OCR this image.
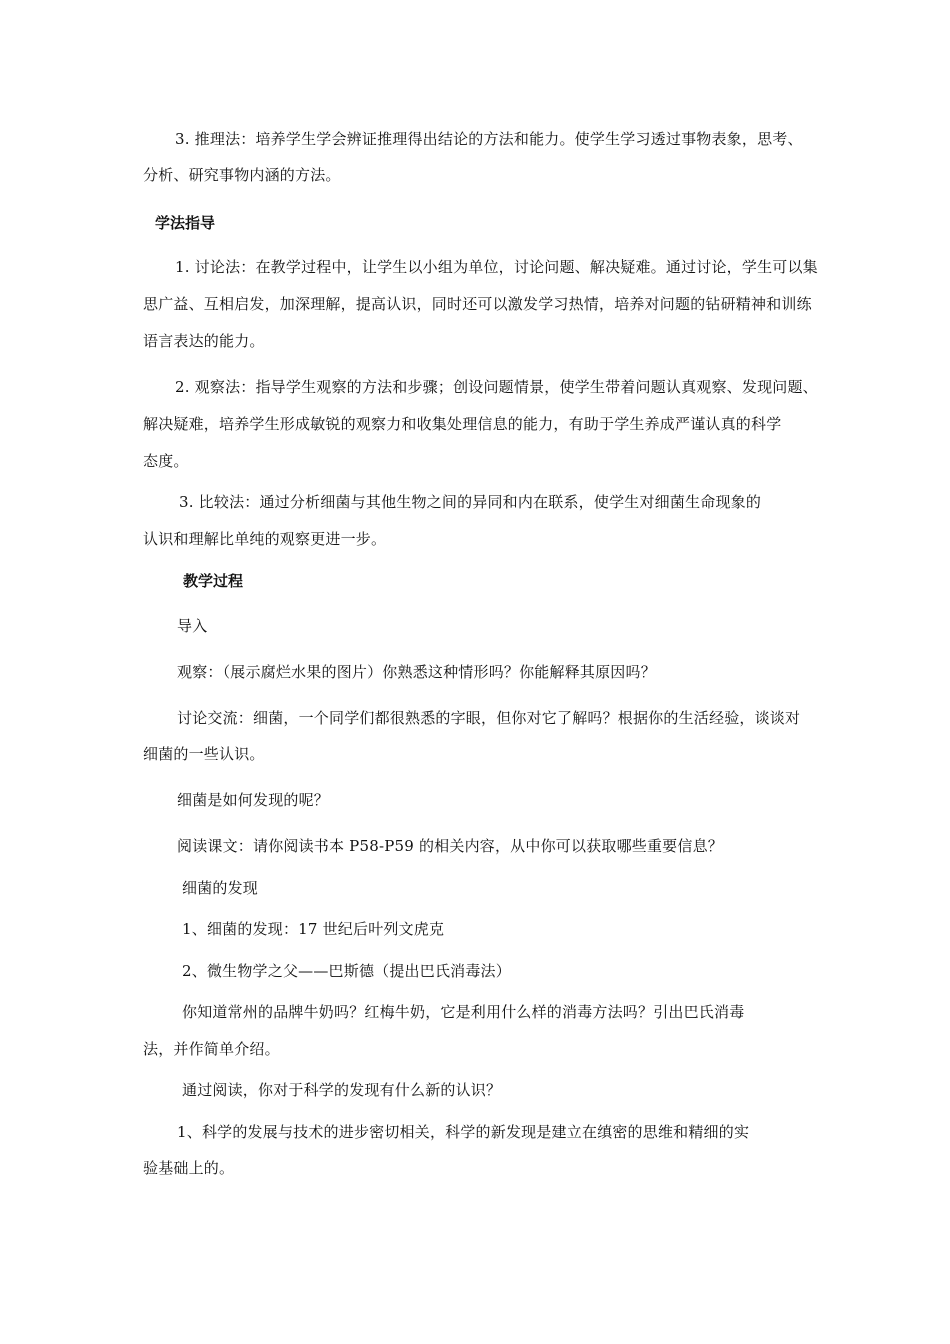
3. 推理法：培养学生学会辨证推理得出结论的方法和能力。使学生学习透过事物表象，思考、
分析、研究事物内涵的方法。
学法指导
1. 讨论法：在教学过程中，让学生以小组为单位，讨论问题、解决疑难。通过讨论，学生可以集
思广益、互相启发，加深理解，提高认识，同时还可以激发学习热情，培养对问题的钻研精神和训练
语言表达的能力。
2. 观察法：指导学生观察的方法和步骤；创设问题情景，使学生带着问题认真观察、发现问题、
解决疑难，培养学生形成敏锐的观察力和收集处理信息的能力，有助于学生养成严谨认真的科学
态度。
3. 比较法：通过分析细菌与其他生物之间的异同和内在联系，使学生对细菌生命现象的
认识和理解比单纯的观察更进一步。
教学过程
导入
观察：（展示腐烂水果的图片）你熟悉这种情形吗？你能解释其原因吗？
讨论交流：细菌，一个同学们都很熟悉的字眼，但你对它了解吗？根据你的生活经验，谈谈对
细菌的一些认识。
细菌是如何发现的呢？
阅读课文：请你阅读书本 P58-P59 的相关内容，从中你可以获取哪些重要信息？
细菌的发现
1、细菌的发现：17 世纪后叶列文虎克
2、微生物学之父——巴斯德（提出巴氏消毒法）
你知道常州的品牌牛奶吗？红梅牛奶，它是利用什么样的消毒方法吗？引出巴氏消毒
法，并作简单介绍。
通过阅读，你对于科学的发现有什么新的认识？
1、科学的发展与技术的进步密切相关，科学的新发现是建立在缜密的思维和精细的实
验基础上的。
